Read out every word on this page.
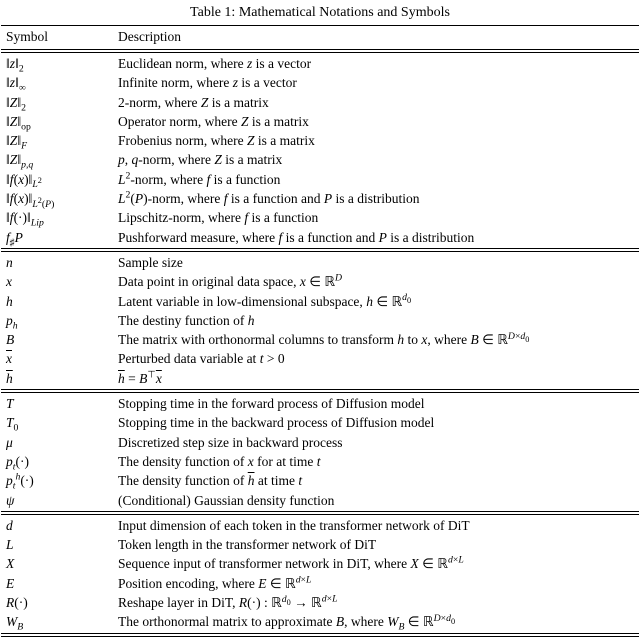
Table 1: Mathematical Notations and Symbols
Symbol	Description
$‖z‖_2$	Euclidean norm, where z is a vector
$‖z‖_\infty$	Infinite norm, where z is a vector
$‖Z‖_2$	2-norm, where Z is a matrix
$‖Z‖_{op}$	Operator norm, where Z is a matrix
$‖Z‖_F$	Frobenius norm, where Z is a matrix
$‖Z‖_{p,q}$	p, q-norm, where Z is a matrix
$‖f(x)‖_{L^2}$	$L^2$-norm, where f is a function
$‖f(x)‖_{L^2(P)}$	$L^2(P)$-norm, where f is a function and P is a distribution
$‖f(\cdot)‖_{Lip}$	Lipschitz-norm, where f is a function
$f_♯P$	Pushforward measure, where f is a function and P is a distribution
n	Sample size
x	Data point in original data space, x ∈ ℝ$^D$
h	Latent variable in low-dimensional subspace, h ∈ ℝ$^{d_0}$
$p_h$	The destiny function of h
B	The matrix with orthonormal columns to transform h to x, where B ∈ ℝ$^{D\times d_0}$
$\overline{x}$	Perturbed data variable at t > 0
$\overline{h}$	$\overline{h} = B^⊤\overline{x}$
T	Stopping time in the forward process of Diffusion model
$T_0$	Stopping time in the backward process of Diffusion model
μ	Discretized step size in backward process
$p_t(\cdot)$	The density function of x for at time t
$p_t^h(\cdot)$	The density function of $\overline{h}$ at time t
ψ	(Conditional) Gaussian density function
d	Input dimension of each token in the transformer network of DiT
L	Token length in the transformer network of DiT
X	Sequence input of transformer network in DiT, where X ∈ ℝ$^{d\times L}$
E	Position encoding, where E ∈ ℝ$^{d\times L}$
R(·)	Reshape layer in DiT, R(·) : ℝ$^{d_0}$ → ℝ$^{d\times L}$
$W_B$	The orthonormal matrix to approximate B, where $W_B$ ∈ ℝ$^{D\times d_0}$
